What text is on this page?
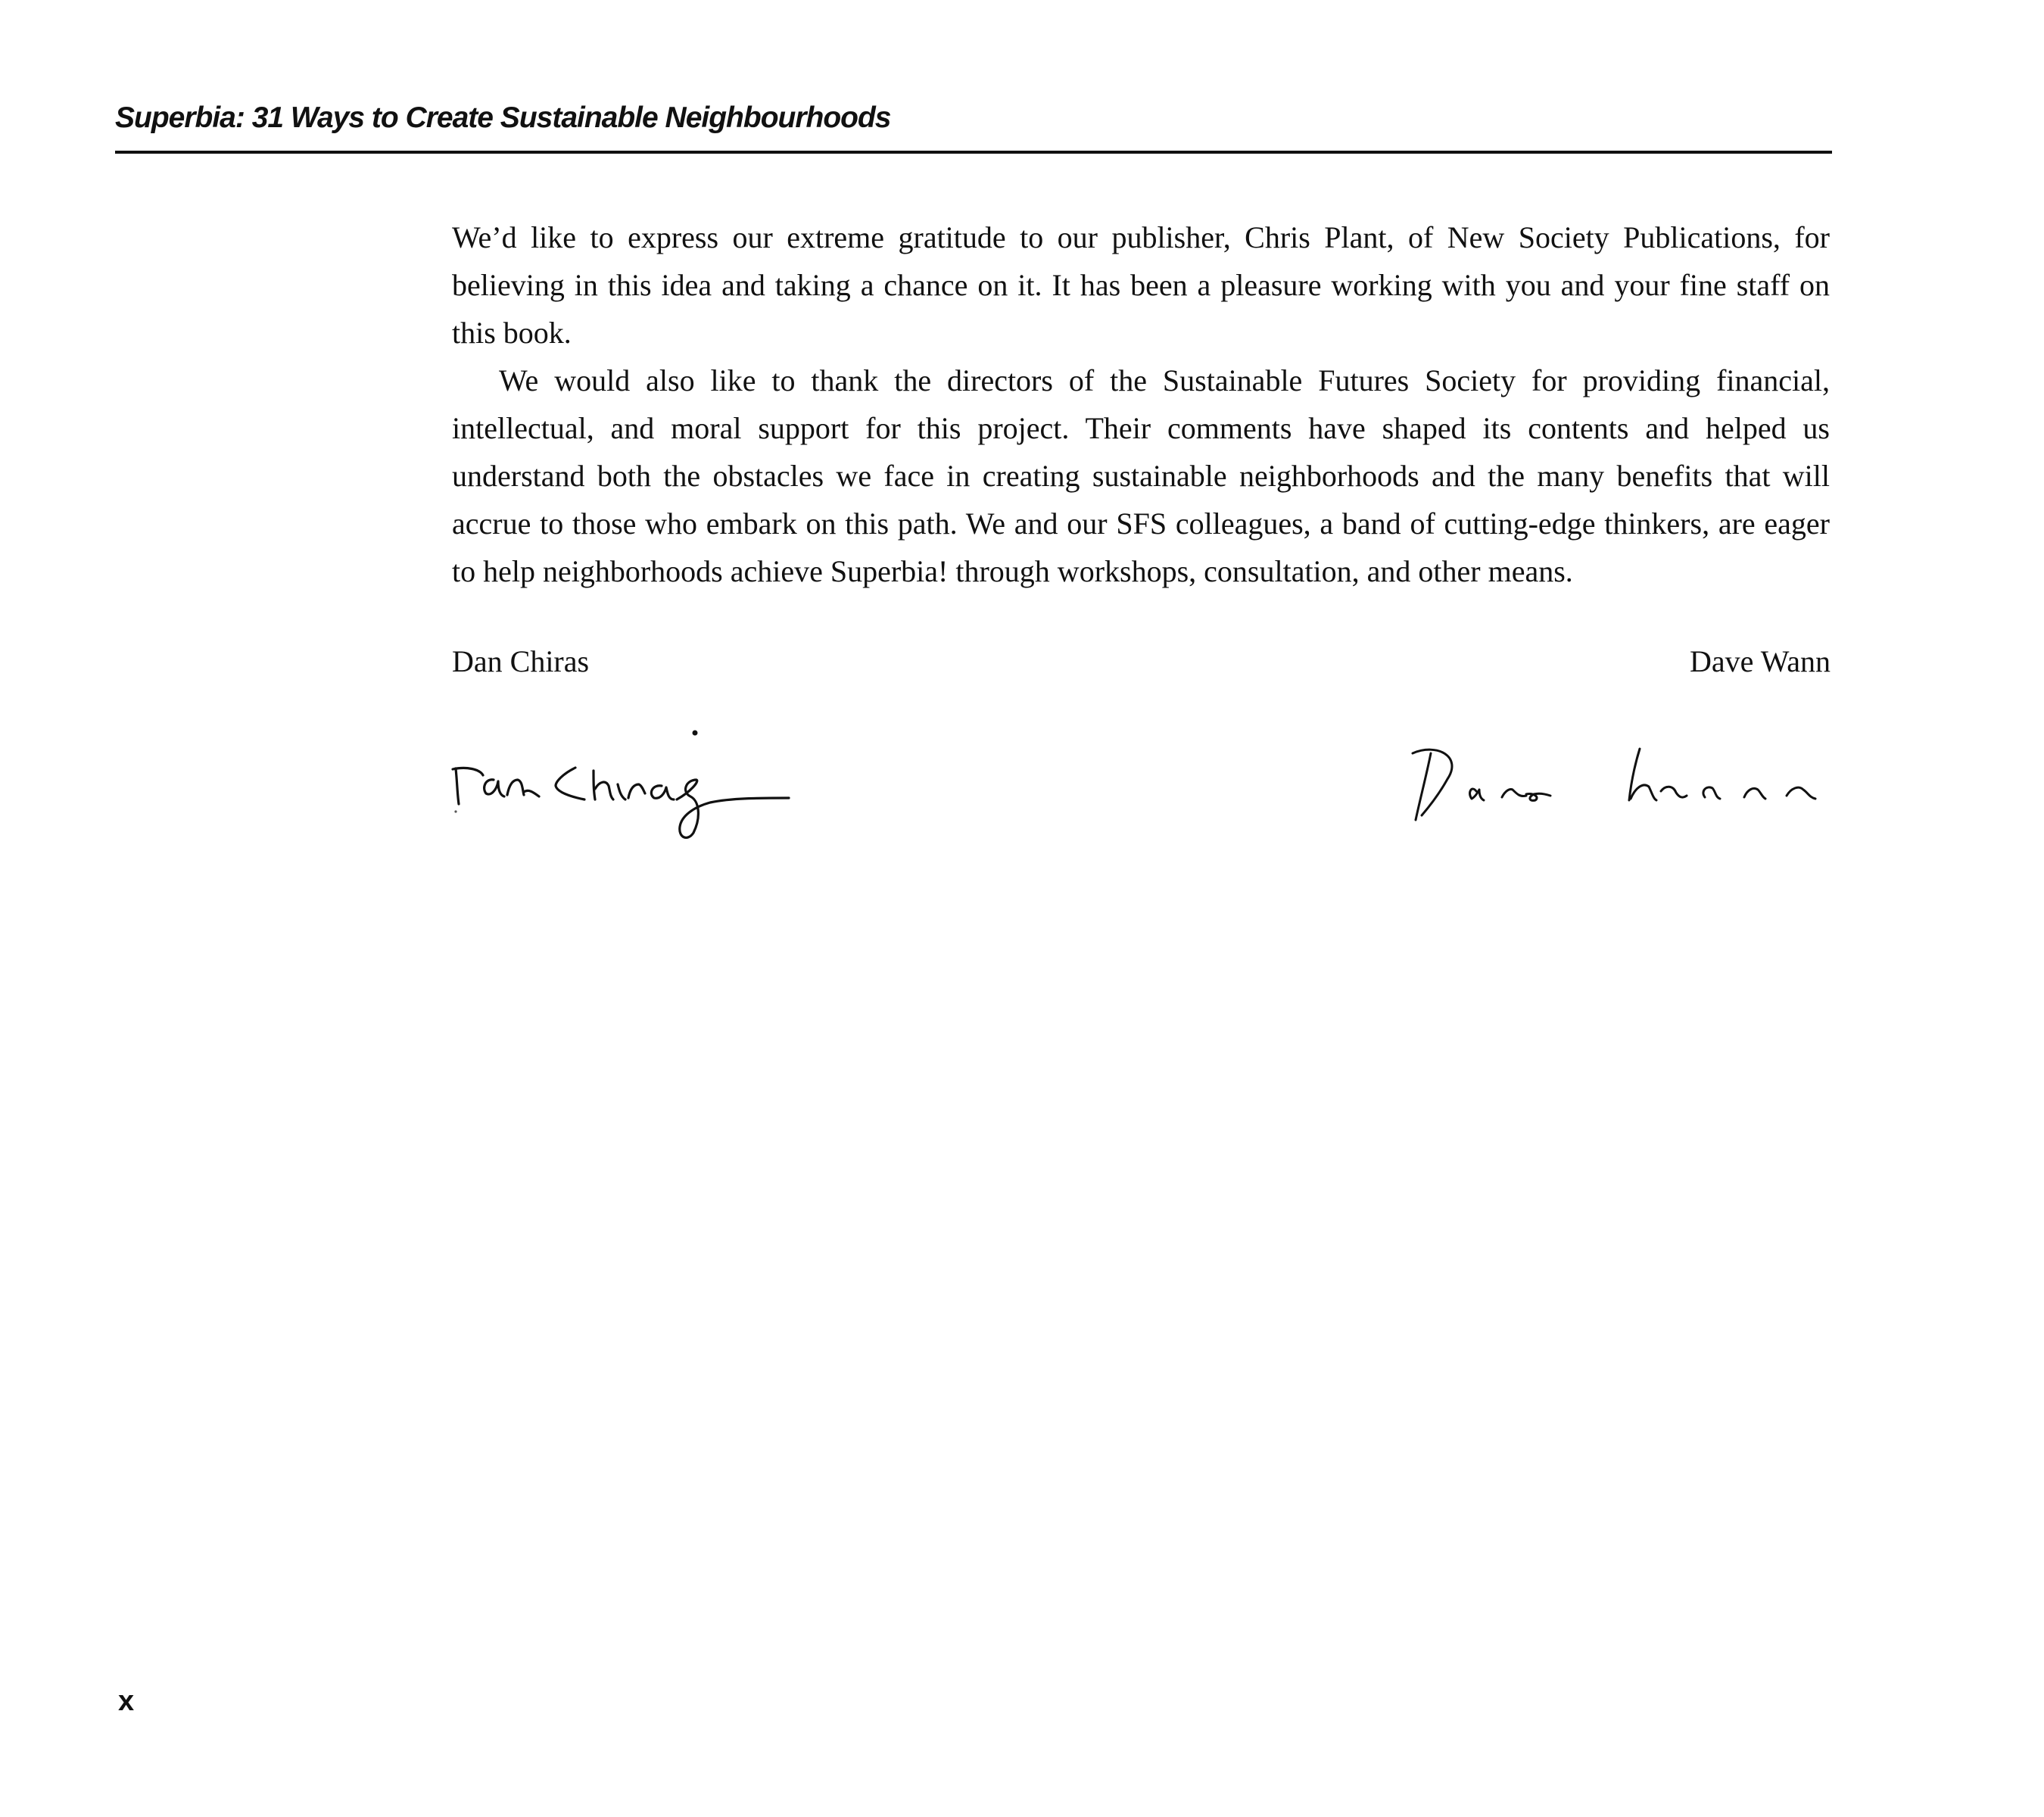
Superbia: 31 Ways to Create Sustainable Neighbourhoods

We’d like to express our extreme gratitude to our publisher, Chris Plant, of New Society Publications, for believing in this idea and taking a chance on it. It has been a pleasure working with you and your fine staff on this book.

We would also like to thank the directors of the Sustainable Futures Society for providing financial, intellectual, and moral support for this project. Their comments have shaped its contents and helped us understand both the obstacles we face in creating sustainable neighborhoods and the many benefits that will accrue to those who embark on this path. We and our SFS colleagues, a band of cutting-edge thinkers, are eager to help neighborhoods achieve Superbia! through workshops, consultation, and other means.

Dan Chiras	Dave Wann
x
